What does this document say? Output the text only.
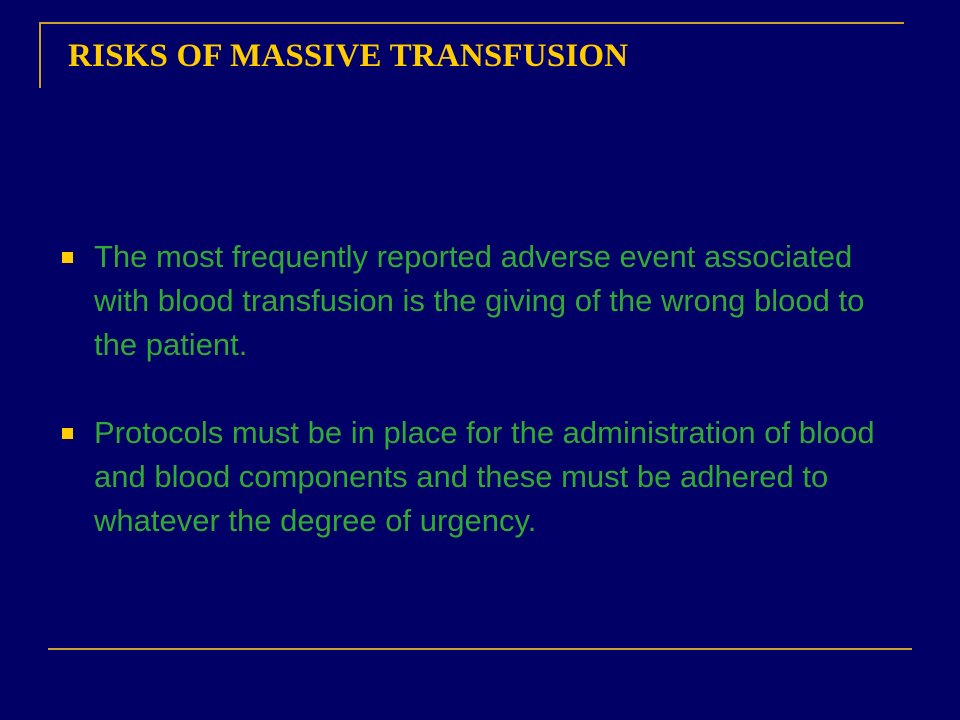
RISKS OF MASSIVE TRANSFUSION
The most frequently reported adverse event associated with blood transfusion is the giving of the wrong blood to the patient.
Protocols must be in place for the administration of blood and blood components and these must be adhered to whatever the degree of urgency.
